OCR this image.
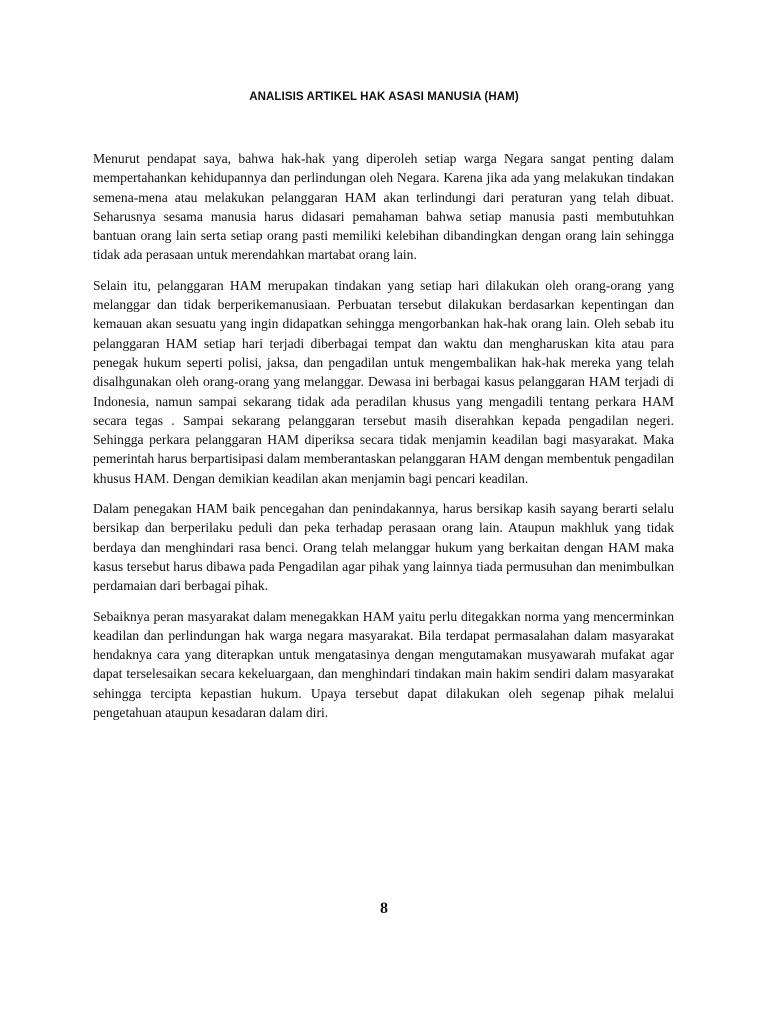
ANALISIS ARTIKEL HAK ASASI MANUSIA (HAM)

Menurut pendapat saya, bahwa hak-hak yang diperoleh setiap warga Negara sangat penting dalam mempertahankan kehidupannya dan perlindungan oleh Negara. Karena jika ada yang melakukan tindakan semena-mena atau melakukan pelanggaran HAM akan terlindungi dari peraturan yang telah dibuat. Seharusnya sesama manusia harus didasari pemahaman bahwa setiap manusia pasti membutuhkan bantuan orang lain serta setiap orang pasti memiliki kelebihan dibandingkan dengan orang lain sehingga tidak ada perasaan untuk merendahkan martabat orang lain.

Selain itu, pelanggaran HAM merupakan tindakan yang setiap hari dilakukan oleh orang-orang yang melanggar dan tidak berperikemanusiaan. Perbuatan tersebut dilakukan berdasarkan kepentingan dan kemauan akan sesuatu yang ingin didapatkan sehingga mengorbankan hak-hak orang lain. Oleh sebab itu pelanggaran HAM setiap hari terjadi diberbagai tempat dan waktu dan mengharuskan kita atau para penegak hukum seperti polisi, jaksa, dan pengadilan untuk mengembalikan hak-hak mereka yang telah disalhgunakan oleh orang-orang yang melanggar. Dewasa ini berbagai kasus pelanggaran HAM terjadi di Indonesia, namun sampai sekarang tidak ada peradilan khusus yang mengadili tentang perkara HAM secara tegas . Sampai sekarang pelanggaran tersebut masih diserahkan kepada pengadilan negeri. Sehingga perkara pelanggaran HAM diperiksa secara tidak menjamin keadilan bagi masyarakat. Maka pemerintah harus berpartisipasi dalam memberantaskan pelanggaran HAM dengan membentuk pengadilan khusus HAM. Dengan demikian keadilan akan menjamin bagi pencari keadilan.

Dalam penegakan HAM baik pencegahan dan penindakannya, harus bersikap kasih sayang berarti selalu bersikap dan berperilaku peduli dan peka terhadap perasaan orang lain. Ataupun makhluk yang tidak berdaya dan menghindari rasa benci. Orang telah melanggar hukum yang berkaitan dengan HAM maka kasus tersebut harus dibawa pada Pengadilan agar pihak yang lainnya tiada permusuhan dan menimbulkan perdamaian dari berbagai pihak.

Sebaiknya peran masyarakat dalam menegakkan HAM yaitu perlu ditegakkan norma yang mencerminkan keadilan dan perlindungan hak warga negara masyarakat. Bila terdapat permasalahan dalam masyarakat hendaknya cara yang diterapkan untuk mengatasinya dengan mengutamakan musyawarah mufakat agar dapat terselesaikan secara kekeluargaan, dan menghindari tindakan main hakim sendiri dalam masyarakat sehingga tercipta kepastian hukum. Upaya tersebut dapat dilakukan oleh segenap pihak melalui pengetahuan ataupun kesadaran dalam diri.

8
